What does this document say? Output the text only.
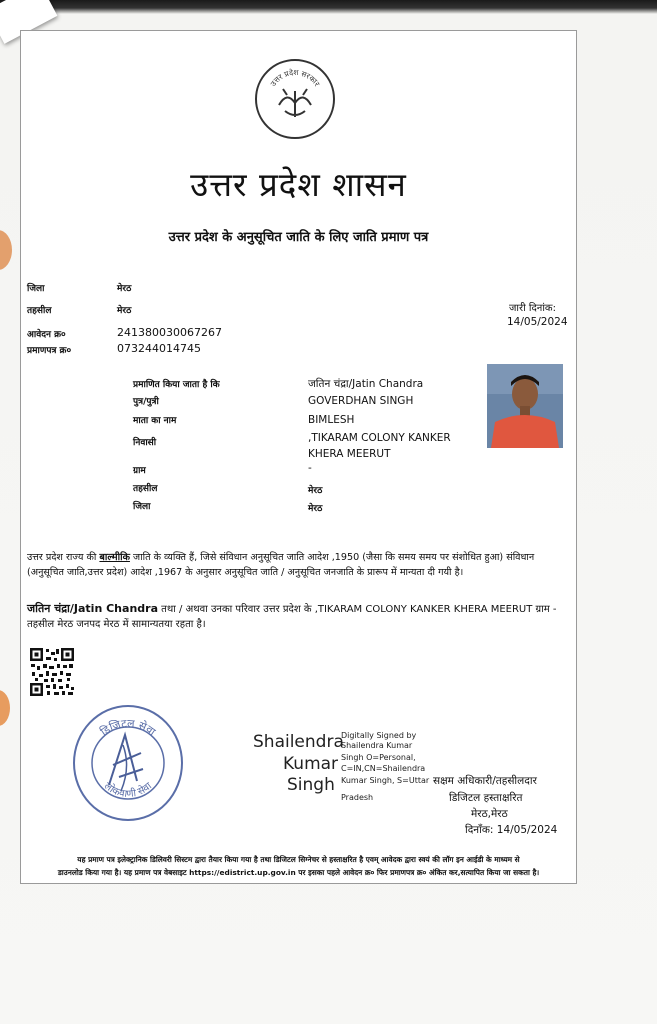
उत्तर प्रदेश सरकार
उत्तर प्रदेश शासन
उत्तर प्रदेश के अनुसूचित जाति के लिए जाति प्रमाण पत्र
जिला	मेरठ
तहसील	मेरठ
आवेदन क्र०	241380030067267
प्रमाणपत्र क्र०	073244014745
जारी दिनांक:
14/05/2024
प्रमाणित किया जाता है कि	जतिन चंद्रा/Jatin Chandra
पुत्र/पुत्री	GOVERDHAN SINGH
माता का नाम	BIMLESH
निवासी	,TIKARAM COLONY KANKER
KHERA MEERUT
ग्राम	-
तहसील	मेरठ
जिला	मेरठ
उत्तर प्रदेश राज्य की बाल्मीकि जाति के व्यक्ति हैं, जिसे संविधान अनुसूचित जाति आदेश ,1950 (जैसा कि समय समय पर संशोधित हुआ) संविधान (अनुसूचित जाति,उत्तर प्रदेश) आदेश ,1967 के अनुसार अनुसूचित जाति / अनुसूचित जनजाति के प्रारूप में मान्यता दी गयी है।
जतिन चंद्रा/Jatin Chandra तथा / अथवा उनका परिवार उत्तर प्रदेश के ,TIKARAM COLONY KANKER KHERA MEERUT ग्राम - तहसील मेरठ जनपद मेरठ में सामान्यतया रहता है।
डिजिटल सेवा
लोकवाणी सेवा
Shailendra
Kumar
Singh
Digitally Signed by
Shailendra Kumar
Singh O=Personal,
C=IN,CN=Shailendra
Kumar Singh, S=Uttar
Pradesh
सक्षम अधिकारी/तहसीलदार
डिजिटल हस्ताक्षरित
मेरठ,मेरठ
दिनाँक: 14/05/2024
यह प्रमाण पत्र इलेक्ट्रानिक डिलिवरी सिस्टम द्वारा तैयार किया गया है तथा डिजिटल सिग्नेचर से हस्ताक्षरित है एवम् आवेदक द्वारा स्वयं की लॉग इन आईडी के माध्यम से
डाउनलोड किया गया है। यह प्रमाण पत्र वेबसाइट https://edistrict.up.gov.in पर इसका पहले आवेदन क्र० फिर प्रमाणपत्र क्र० अंकित कर,सत्यापित किया जा सकता है।
